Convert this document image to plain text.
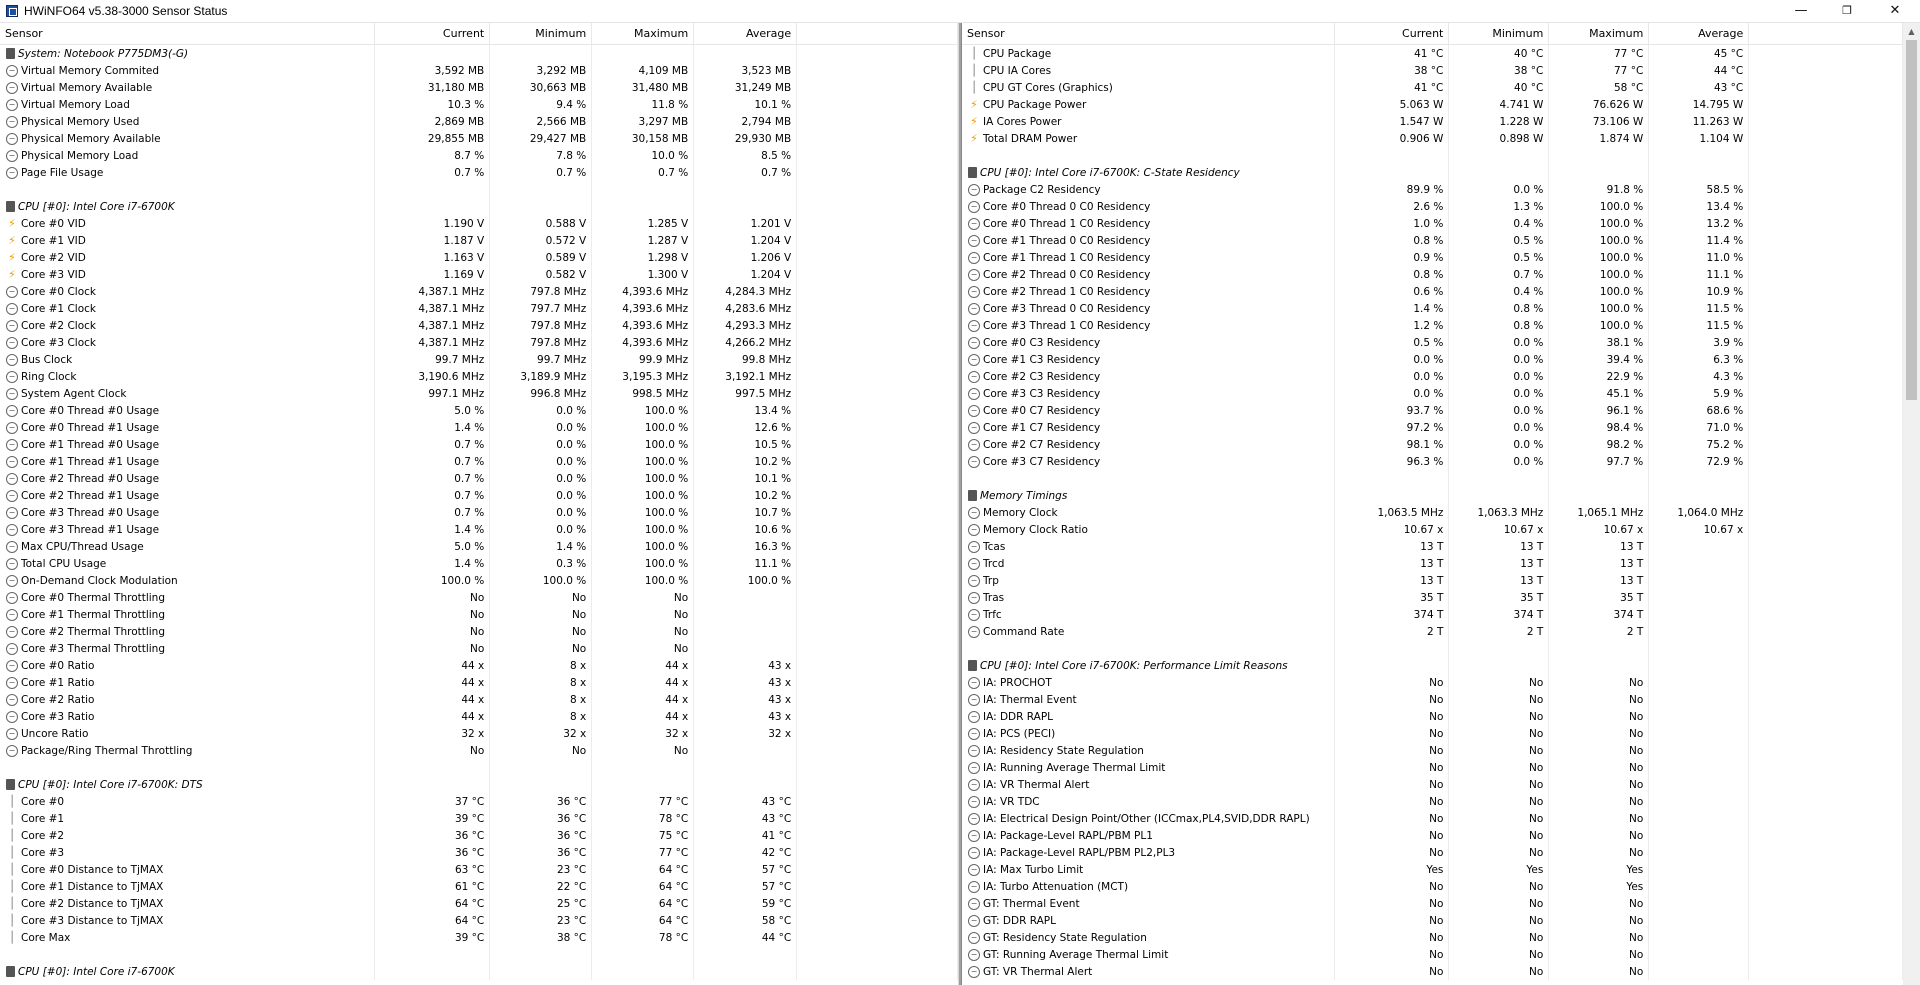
HWiNFO64 v5.38-3000 Sensor Status	—	❐	✕
Sensor	Current	Minimum	Maximum	Average	
System: Notebook P775DM3(-G)					
− Virtual Memory Commited	3,592 MB	3,292 MB	4,109 MB	3,523 MB	
− Virtual Memory Available	31,180 MB	30,663 MB	31,480 MB	31,249 MB	
− Virtual Memory Load	10.3 %	9.4 %	11.8 %	10.1 %	
− Physical Memory Used	2,869 MB	2,566 MB	3,297 MB	2,794 MB	
− Physical Memory Available	29,855 MB	29,427 MB	30,158 MB	29,930 MB	
− Physical Memory Load	8.7 %	7.8 %	10.0 %	8.5 %	
− Page File Usage	0.7 %	0.7 %	0.7 %	0.7 %	

CPU [#0]: Intel Core i7-6700K					
⚡ Core #0 VID	1.190 V	0.588 V	1.285 V	1.201 V	
⚡ Core #1 VID	1.187 V	0.572 V	1.287 V	1.204 V	
⚡ Core #2 VID	1.163 V	0.589 V	1.298 V	1.206 V	
⚡ Core #3 VID	1.169 V	0.582 V	1.300 V	1.204 V	
− Core #0 Clock	4,387.1 MHz	797.8 MHz	4,393.6 MHz	4,284.3 MHz	
− Core #1 Clock	4,387.1 MHz	797.7 MHz	4,393.6 MHz	4,283.6 MHz	
− Core #2 Clock	4,387.1 MHz	797.8 MHz	4,393.6 MHz	4,293.3 MHz	
− Core #3 Clock	4,387.1 MHz	797.8 MHz	4,393.6 MHz	4,266.2 MHz	
− Bus Clock	99.7 MHz	99.7 MHz	99.9 MHz	99.8 MHz	
− Ring Clock	3,190.6 MHz	3,189.9 MHz	3,195.3 MHz	3,192.1 MHz	
− System Agent Clock	997.1 MHz	996.8 MHz	998.5 MHz	997.5 MHz	
− Core #0 Thread #0 Usage	5.0 %	0.0 %	100.0 %	13.4 %	
− Core #0 Thread #1 Usage	1.4 %	0.0 %	100.0 %	12.6 %	
− Core #1 Thread #0 Usage	0.7 %	0.0 %	100.0 %	10.5 %	
− Core #1 Thread #1 Usage	0.7 %	0.0 %	100.0 %	10.2 %	
− Core #2 Thread #0 Usage	0.7 %	0.0 %	100.0 %	10.1 %	
− Core #2 Thread #1 Usage	0.7 %	0.0 %	100.0 %	10.2 %	
− Core #3 Thread #0 Usage	0.7 %	0.0 %	100.0 %	10.7 %	
− Core #3 Thread #1 Usage	1.4 %	0.0 %	100.0 %	10.6 %	
− Max CPU/Thread Usage	5.0 %	1.4 %	100.0 %	16.3 %	
− Total CPU Usage	1.4 %	0.3 %	100.0 %	11.1 %	
− On-Demand Clock Modulation	100.0 %	100.0 %	100.0 %	100.0 %	
− Core #0 Thermal Throttling	No	No	No		
− Core #1 Thermal Throttling	No	No	No		
− Core #2 Thermal Throttling	No	No	No		
− Core #3 Thermal Throttling	No	No	No		
− Core #0 Ratio	44 x	8 x	44 x	43 x	
− Core #1 Ratio	44 x	8 x	44 x	43 x	
− Core #2 Ratio	44 x	8 x	44 x	43 x	
− Core #3 Ratio	44 x	8 x	44 x	43 x	
− Uncore Ratio	32 x	32 x	32 x	32 x	
− Package/Ring Thermal Throttling	No	No	No		

CPU [#0]: Intel Core i7-6700K: DTS					
│ Core #0	37 °C	36 °C	77 °C	43 °C	
│ Core #1	39 °C	36 °C	78 °C	43 °C	
│ Core #2	36 °C	36 °C	75 °C	41 °C	
│ Core #3	36 °C	36 °C	77 °C	42 °C	
│ Core #0 Distance to TjMAX	63 °C	23 °C	64 °C	57 °C	
│ Core #1 Distance to TjMAX	61 °C	22 °C	64 °C	57 °C	
│ Core #2 Distance to TjMAX	64 °C	25 °C	64 °C	59 °C	
│ Core #3 Distance to TjMAX	64 °C	23 °C	64 °C	58 °C	
│ Core Max	39 °C	38 °C	78 °C	44 °C	

CPU [#0]: Intel Core i7-6700K					
Sensor	Current	Minimum	Maximum	Average	
│ CPU Package	41 °C	40 °C	77 °C	45 °C	
│ CPU IA Cores	38 °C	38 °C	77 °C	44 °C	
│ CPU GT Cores (Graphics)	41 °C	40 °C	58 °C	43 °C	
⚡ CPU Package Power	5.063 W	4.741 W	76.626 W	14.795 W	
⚡ IA Cores Power	1.547 W	1.228 W	73.106 W	11.263 W	
⚡ Total DRAM Power	0.906 W	0.898 W	1.874 W	1.104 W	

CPU [#0]: Intel Core i7-6700K: C-State Residency					
− Package C2 Residency	89.9 %	0.0 %	91.8 %	58.5 %	
− Core #0 Thread 0 C0 Residency	2.6 %	1.3 %	100.0 %	13.4 %	
− Core #0 Thread 1 C0 Residency	1.0 %	0.4 %	100.0 %	13.2 %	
− Core #1 Thread 0 C0 Residency	0.8 %	0.5 %	100.0 %	11.4 %	
− Core #1 Thread 1 C0 Residency	0.9 %	0.5 %	100.0 %	11.0 %	
− Core #2 Thread 0 C0 Residency	0.8 %	0.7 %	100.0 %	11.1 %	
− Core #2 Thread 1 C0 Residency	0.6 %	0.4 %	100.0 %	10.9 %	
− Core #3 Thread 0 C0 Residency	1.4 %	0.8 %	100.0 %	11.5 %	
− Core #3 Thread 1 C0 Residency	1.2 %	0.8 %	100.0 %	11.5 %	
− Core #0 C3 Residency	0.5 %	0.0 %	38.1 %	3.9 %	
− Core #1 C3 Residency	0.0 %	0.0 %	39.4 %	6.3 %	
− Core #2 C3 Residency	0.0 %	0.0 %	22.9 %	4.3 %	
− Core #3 C3 Residency	0.0 %	0.0 %	45.1 %	5.9 %	
− Core #0 C7 Residency	93.7 %	0.0 %	96.1 %	68.6 %	
− Core #1 C7 Residency	97.2 %	0.0 %	98.4 %	71.0 %	
− Core #2 C7 Residency	98.1 %	0.0 %	98.2 %	75.2 %	
− Core #3 C7 Residency	96.3 %	0.0 %	97.7 %	72.9 %	

Memory Timings					
− Memory Clock	1,063.5 MHz	1,063.3 MHz	1,065.1 MHz	1,064.0 MHz	
− Memory Clock Ratio	10.67 x	10.67 x	10.67 x	10.67 x	
− Tcas	13 T	13 T	13 T		
− Trcd	13 T	13 T	13 T		
− Trp	13 T	13 T	13 T		
− Tras	35 T	35 T	35 T		
− Trfc	374 T	374 T	374 T		
− Command Rate	2 T	2 T	2 T		

CPU [#0]: Intel Core i7-6700K: Performance Limit Reasons					
− IA: PROCHOT	No	No	No		
− IA: Thermal Event	No	No	No		
− IA: DDR RAPL	No	No	No		
− IA: PCS (PECI)	No	No	No		
− IA: Residency State Regulation	No	No	No		
− IA: Running Average Thermal Limit	No	No	No		
− IA: VR Thermal Alert	No	No	No		
− IA: VR TDC	No	No	No		
− IA: Electrical Design Point/Other (ICCmax,PL4,SVID,DDR RAPL)	No	No	No		
− IA: Package-Level RAPL/PBM PL1	No	No	No		
− IA: Package-Level RAPL/PBM PL2,PL3	No	No	No		
− IA: Max Turbo Limit	Yes	Yes	Yes		
− IA: Turbo Attenuation (MCT)	No	No	Yes		
− GT: Thermal Event	No	No	No		
− GT: DDR RAPL	No	No	No		
− GT: Residency State Regulation	No	No	No		
− GT: Running Average Thermal Limit	No	No	No		
− GT: VR Thermal Alert	No	No	No		
▲
